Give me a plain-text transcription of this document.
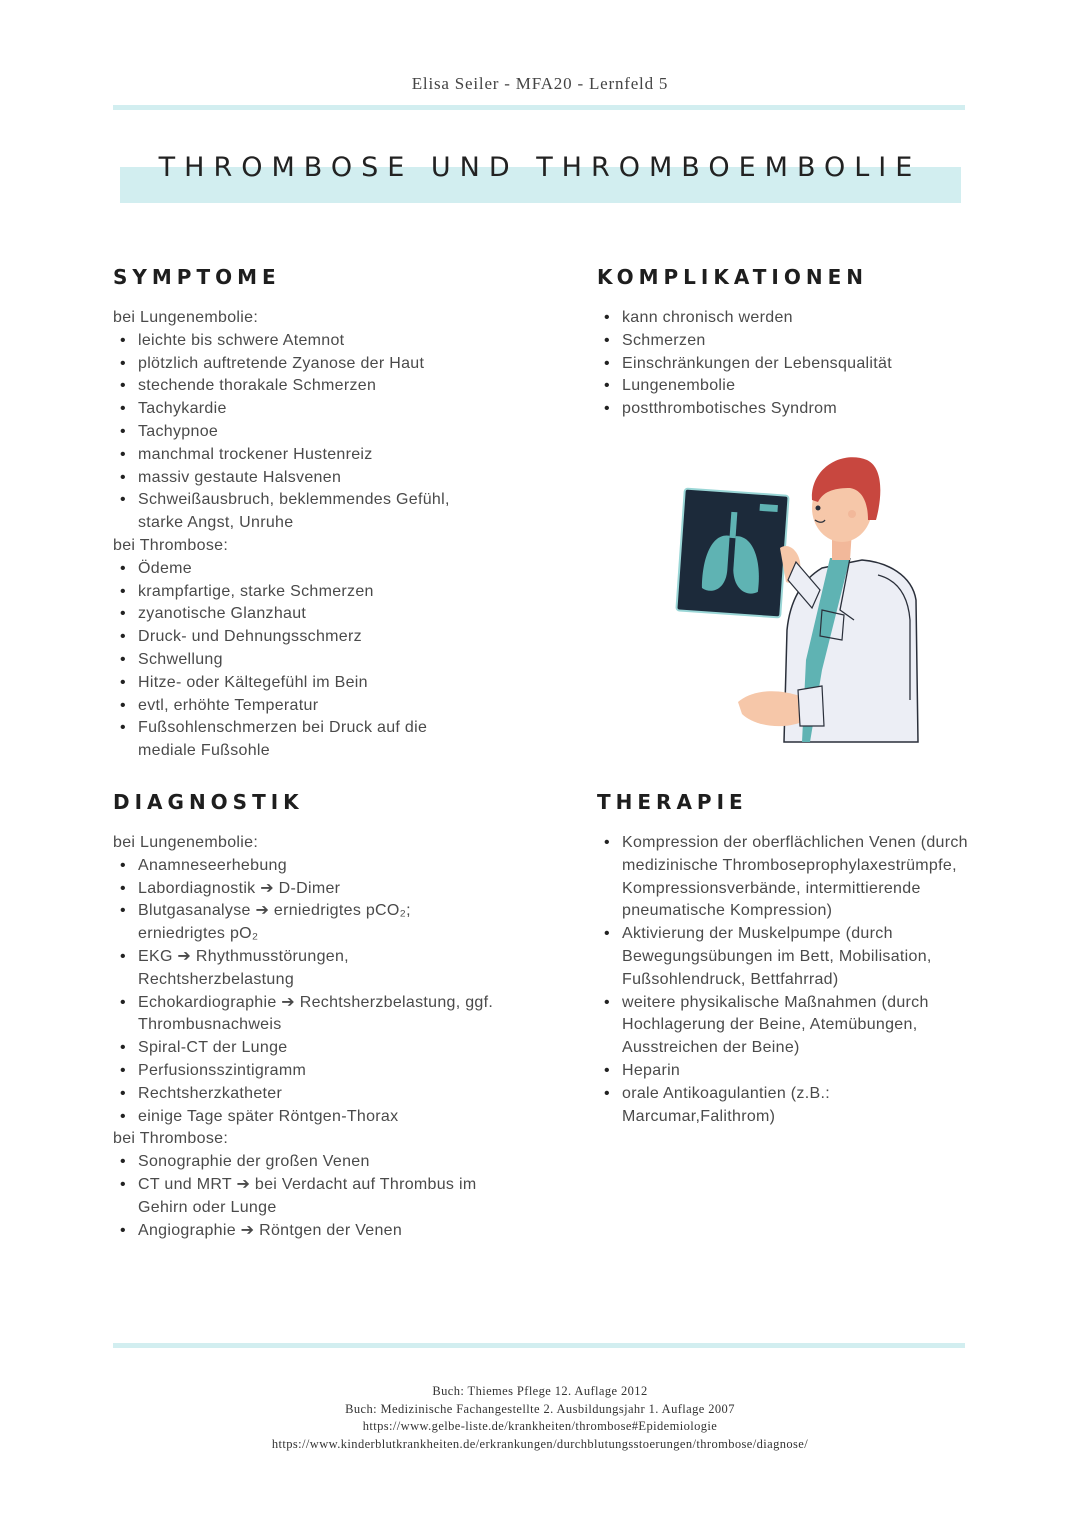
Elisa Seiler - MFA20 - Lernfeld 5
THROMBOSE UND THROMBOEMBOLIE
SYMPTOME
bei Lungenembolie:
• leichte bis schwere Atemnot
• plötzlich auftretende Zyanose der Haut
• stechende thorakale Schmerzen
• Tachykardie
• Tachypnoe
• manchmal trockener Hustenreiz
• massiv gestaute Halsvenen
• Schweißausbruch, beklemmendes Gefühl, starke Angst, Unruhe
bei Thrombose:
• Ödeme
• krampfartige, starke Schmerzen
• zyanotische Glanzhaut
• Druck- und Dehnungsschmerz
• Schwellung
• Hitze- oder Kältegefühl im Bein
• evtl, erhöhte Temperatur
• Fußsohlenschmerzen bei Druck auf die mediale Fußsohle
KOMPLIKATIONEN
• kann chronisch werden
• Schmerzen
• Einschränkungen der Lebensqualität
• Lungenembolie
• postthrombotisches Syndrom
DIAGNOSTIK
bei Lungenembolie:
• Anamneseerhebung
• Labordiagnostik ➔ D-Dimer
• Blutgasanalyse ➔ erniedrigtes pCO₂; erniedrigtes pO₂
• EKG ➔ Rhythmusstörungen, Rechtsherzbelastung
• Echokardiographie ➔ Rechtsherzbelastung, ggf. Thrombusnachweis
• Spiral-CT der Lunge
• Perfusionsszintigramm
• Rechtsherzkatheter
• einige Tage später Röntgen-Thorax
bei Thrombose:
• Sonographie der großen Venen
• CT und MRT ➔ bei Verdacht auf Thrombus im Gehirn oder Lunge
• Angiographie ➔ Röntgen der Venen
THERAPIE
• Kompression der oberflächlichen Venen (durch medizinische Thromboseprophylaxestrümpfe, Kompressionsverbände, intermittierende pneumatische Kompression)
• Aktivierung der Muskelpumpe (durch Bewegungsübungen im Bett, Mobilisation, Fußsohlendruck, Bettfahrrad)
• weitere physikalische Maßnahmen (durch Hochlagerung der Beine, Atemübungen, Ausstreichen der Beine)
• Heparin
• orale Antikoagulantien (z.B.: Marcumar,Falithrom)
Buch: Thiemes Pflege 12. Auflage 2012
Buch: Medizinische Fachangestellte 2. Ausbildungsjahr 1. Auflage 2007
https://www.gelbe-liste.de/krankheiten/thrombose#Epidemiologie
https://www.kinderblutkrankheiten.de/erkrankungen/durchblutungsstoerungen/thrombose/diagnose/
